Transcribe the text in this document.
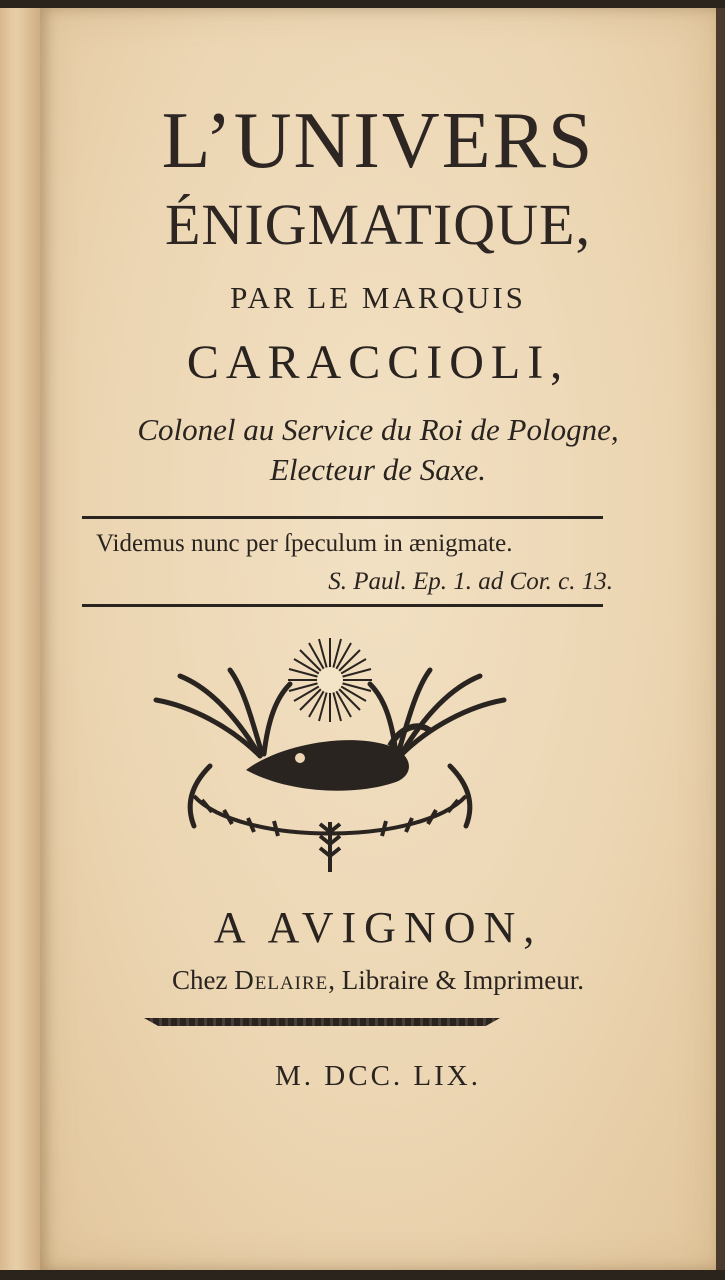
L’UNIVERS
ÉNIGMATIQUE,
PAR LE MARQUIS
CARACCIOLI,
Colonel au Service du Roi de Pologne,
Electeur de Saxe.
Videmus nunc per ſpeculum in ænigmate.
S. Paul. Ep. 1. ad Cor. c. 13.
A AVIGNON,
Chez Delaire, Libraire & Imprimeur.
M. DCC. LIX.
